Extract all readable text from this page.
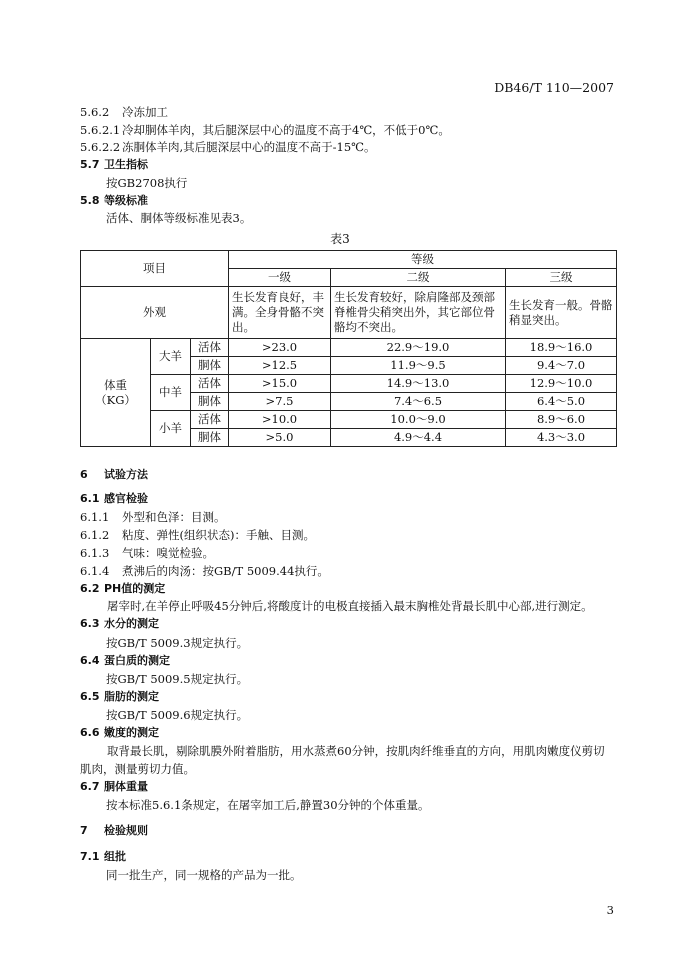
DB46/T 110—2007
5.6.2 冷冻加工
5.6.2.1 冷却胴体羊肉，其后腿深层中心的温度不高于4℃，不低于0℃。
5.6.2.2 冻胴体羊肉,其后腿深层中心的温度不高于-15℃。
5.7 卫生指标
按GB2708执行
5.8 等级标准
活体、胴体等级标准见表3。
表3
项目			等级		
			一级	二级	三级
外观			生长发育良好，丰满。全身骨骼不突出。	生长发育较好，除肩隆部及颈部脊椎骨尖稍突出外，其它部位骨骼均不突出。	生长发育一般。骨骼稍显突出。
体重
（KG）	大羊	活体	>23.0	22.9～19.0	18.9～16.0
		胴体	>12.5	11.9～9.5	9.4～7.0
	中羊	活体	>15.0	14.9～13.0	12.9～10.0
		胴体	>7.5	7.4～6.5	6.4～5.0
	小羊	活体	>10.0	10.0～9.0	8.9～6.0
		胴体	>5.0	4.9～4.4	4.3～3.0
6 试验方法
6.1 感官检验
6.1.1 外型和色泽：目测。
6.1.2 粘度、弹性(组织状态)：手触、目测。
6.1.3 气味：嗅觉检验。
6.1.4 煮沸后的肉汤：按GB/T 5009.44执行。
6.2 PH值的测定
屠宰时,在羊停止呼吸45分钟后,将酸度计的电极直接插入最末胸椎处背最长肌中心部,进行测定。
6.3 水分的测定
按GB/T 5009.3规定执行。
6.4 蛋白质的测定
按GB/T 5009.5规定执行。
6.5 脂肪的测定
按GB/T 5009.6规定执行。
6.6 嫩度的测定
取背最长肌，剔除肌膜外附着脂肪，用水蒸煮60分钟，按肌肉纤维垂直的方向，用肌肉嫩度仪剪切肌肉，测量剪切力值。
6.7 胴体重量
按本标准5.6.1条规定，在屠宰加工后,静置30分钟的个体重量。
7 检验规则
7.1 组批
同一批生产，同一规格的产品为一批。
3
